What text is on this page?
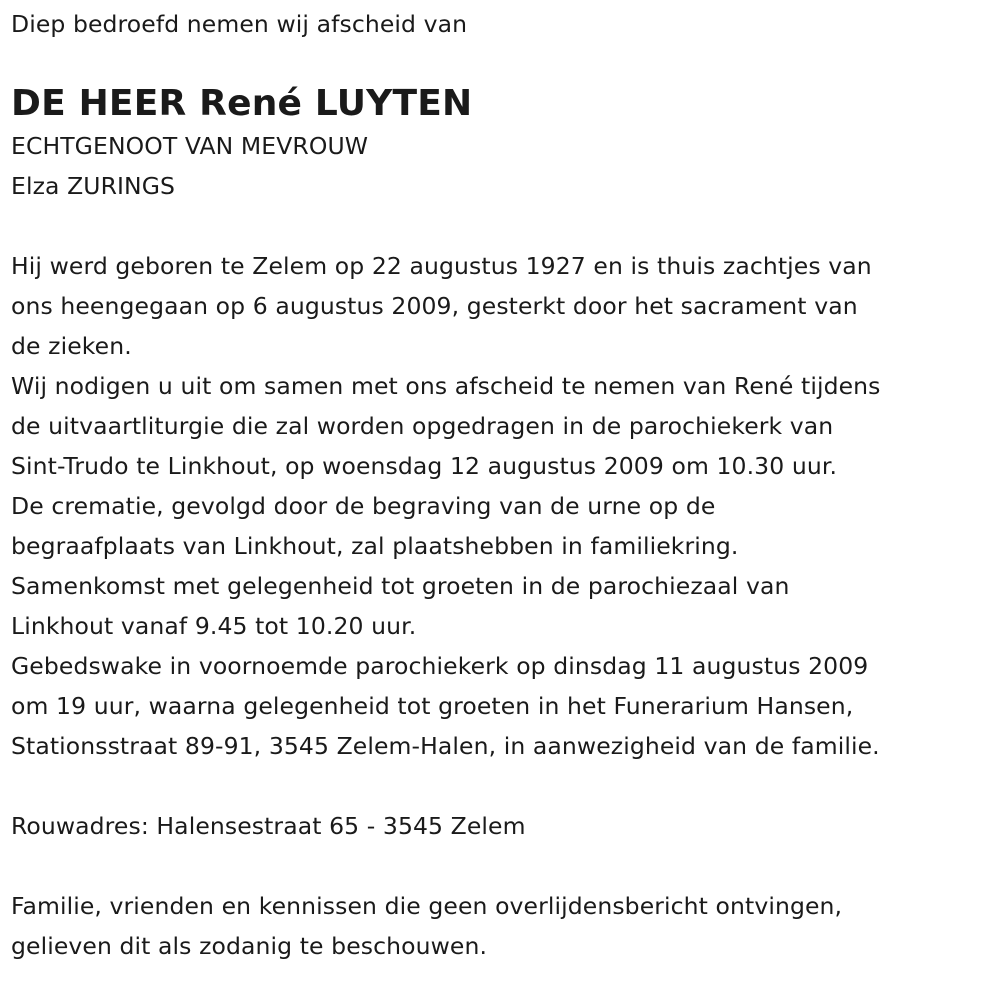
Diep bedroefd nemen wij afscheid van
DE HEER René LUYTEN
ECHTGENOOT VAN MEVROUW
Elza ZURINGS
Hij werd geboren te Zelem op 22 augustus 1927 en is thuis zachtjes van
ons heengegaan op 6 augustus 2009, gesterkt door het sacrament van
de zieken.
Wij nodigen u uit om samen met ons afscheid te nemen van René tijdens
de uitvaartliturgie die zal worden opgedragen in de parochiekerk van
Sint-Trudo te Linkhout, op woensdag 12 augustus 2009 om 10.30 uur.
De crematie, gevolgd door de begraving van de urne op de
begraafplaats van Linkhout, zal plaatshebben in familiekring.
Samenkomst met gelegenheid tot groeten in de parochiezaal van
Linkhout vanaf 9.45 tot 10.20 uur.
Gebedswake in voornoemde parochiekerk op dinsdag 11 augustus 2009
om 19 uur, waarna gelegenheid tot groeten in het Funerarium Hansen,
Stationsstraat 89-91, 3545 Zelem-Halen, in aanwezigheid van de familie.
Rouwadres: Halensestraat 65 - 3545 Zelem
Familie, vrienden en kennissen die geen overlijdensbericht ontvingen,
gelieven dit als zodanig te beschouwen.
